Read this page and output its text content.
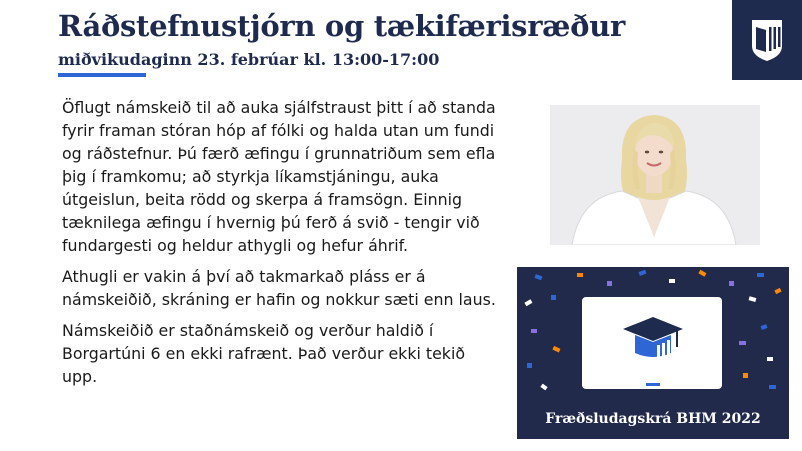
Ráðstefnustjórn og tækifærisræður
miðvikudaginn 23. febrúar kl. 13:00-17:00

Öflugt námskeið til að auka sjálfstraust þitt í að standa fyrir framan stóran hóp af fólki og halda utan um fundi og ráðstefnur. Þú færð æfingu í grunnatriðum sem efla þig í framkomu; að styrkja líkamstjáningu, auka útgeislun, beita rödd og skerpa á framsögn. Einnig tæknilega æfingu í hvernig þú ferð á svið - tengir við fundargesti og heldur athygli og hefur áhrif.

Athugli er vakin á því að takmarkað pláss er á námskeiðið, skráning er hafin og nokkur sæti enn laus.

Námskeiðið er staðnámskeið og verður haldið í Borgartúni 6 en ekki rafrænt. Það verður ekki tekið upp.

Fræðsludagskrá BHM 2022
